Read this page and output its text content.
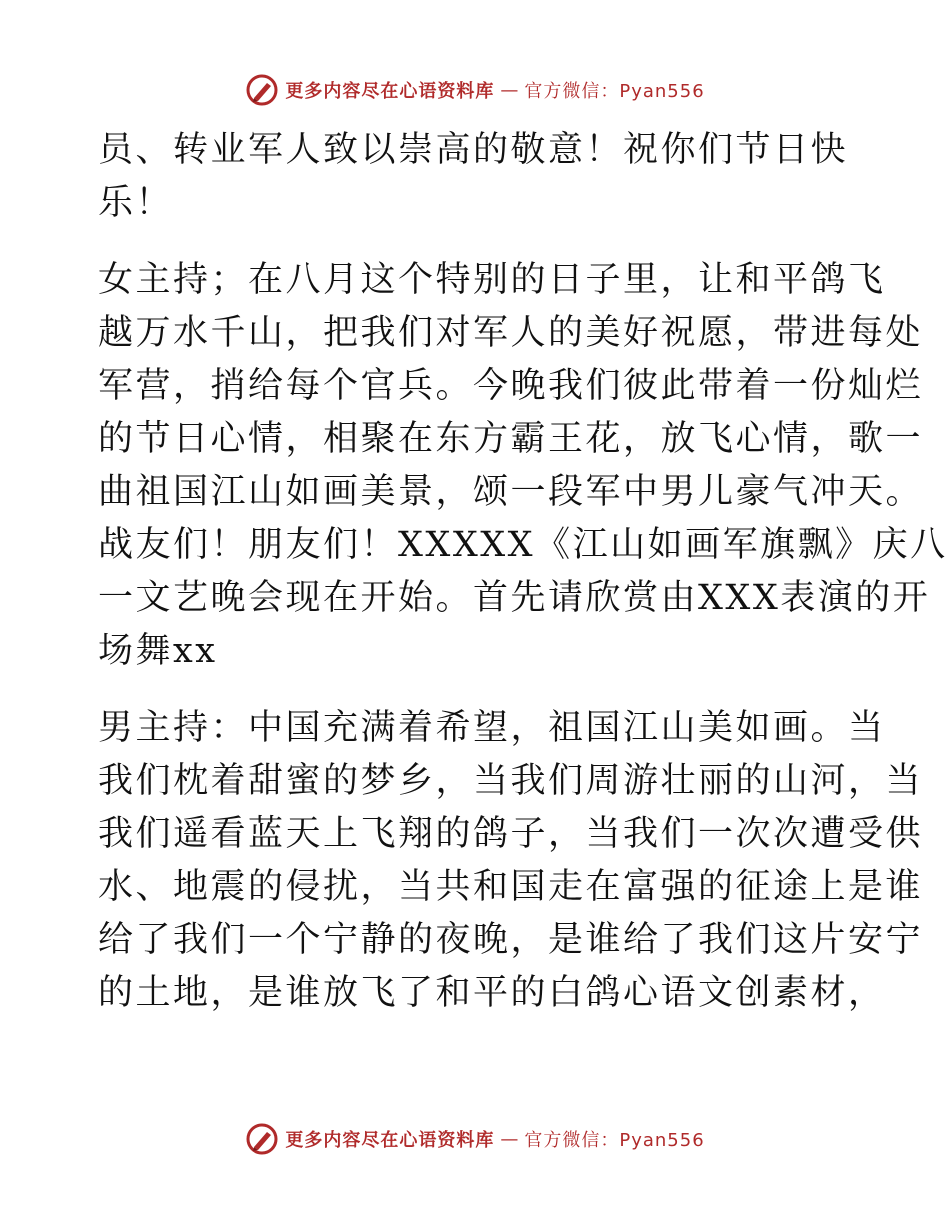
更多内容尽在心语资料库 — 官方微信：Pyan556

员、转业军人致以崇高的敬意！祝你们节日快
乐！

女主持；在八月这个特别的日子里，让和平鸽飞
越万水千山，把我们对军人的美好祝愿，带进每处
军营，捎给每个官兵。今晚我们彼此带着一份灿烂
的节日心情，相聚在东方霸王花，放飞心情，歌一
曲祖国江山如画美景，颂一段军中男儿豪气冲天。
战友们！朋友们！XXXXX《江山如画军旗飘》庆八
一文艺晚会现在开始。首先请欣赏由XXX表演的开
场舞xx

男主持：中国充满着希望，祖国江山美如画。当
我们枕着甜蜜的梦乡，当我们周游壮丽的山河，当
我们遥看蓝天上飞翔的鸽子，当我们一次次遭受供
水、地震的侵扰，当共和国走在富强的征途上是谁
给了我们一个宁静的夜晚，是谁给了我们这片安宁
的土地，是谁放飞了和平的白鸽心语文创素材，

更多内容尽在心语资料库 — 官方微信：Pyan556
